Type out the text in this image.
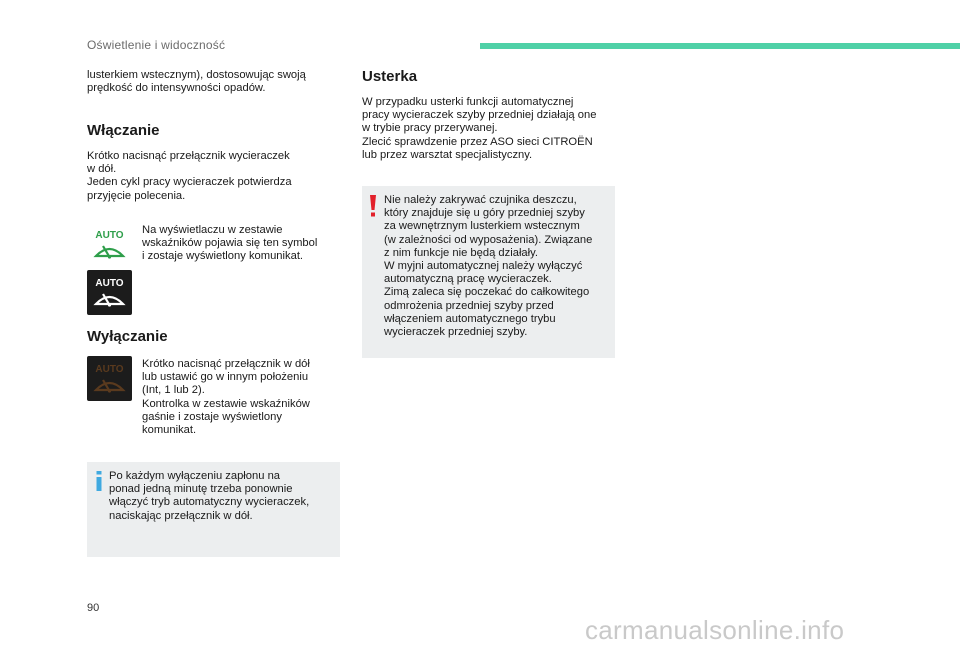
Oświetlenie i widoczność

lusterkiem wstecznym), dostosowując swoją
prędkość do intensywności opadów.

Włączanie

Krótko nacisnąć przełącznik wycieraczek
w dół.
Jeden cykl pracy wycieraczek potwierdza
przyjęcie polecenia.

AUTO
AUTO

Na wyświetlaczu w zestawie
wskaźników pojawia się ten symbol
i zostaje wyświetlony komunikat.

Wyłączanie
AUTO Krótko nacisnąć przełącznik w dół
lub ustawić go w innym położeniu
(Int, 1 lub 2).
Kontrolka w zestawie wskaźników
gaśnie i zostaje wyświetlony
komunikat.

Po każdym wyłączeniu zapłonu na
ponad jedną minutę trzeba ponownie
włączyć tryb automatyczny wycieraczek,
naciskając przełącznik w dół.

Usterka

W przypadku usterki funkcji automatycznej
pracy wycieraczek szyby przedniej działają one
w trybie pracy przerywanej.
Zlecić sprawdzenie przez ASO sieci CITROËN
lub przez warsztat specjalistyczny.

Nie należy zakrywać czujnika deszczu,
który znajduje się u góry przedniej szyby
za wewnętrznym lusterkiem wstecznym
(w zależności od wyposażenia). Związane
z nim funkcje nie będą działały.
W myjni automatycznej należy wyłączyć
automatyczną pracę wycieraczek.
Zimą zaleca się poczekać do całkowitego
odmrożenia przedniej szyby przed
włączeniem automatycznego trybu
wycieraczek przedniej szyby.

90
carmanualsonline.info
